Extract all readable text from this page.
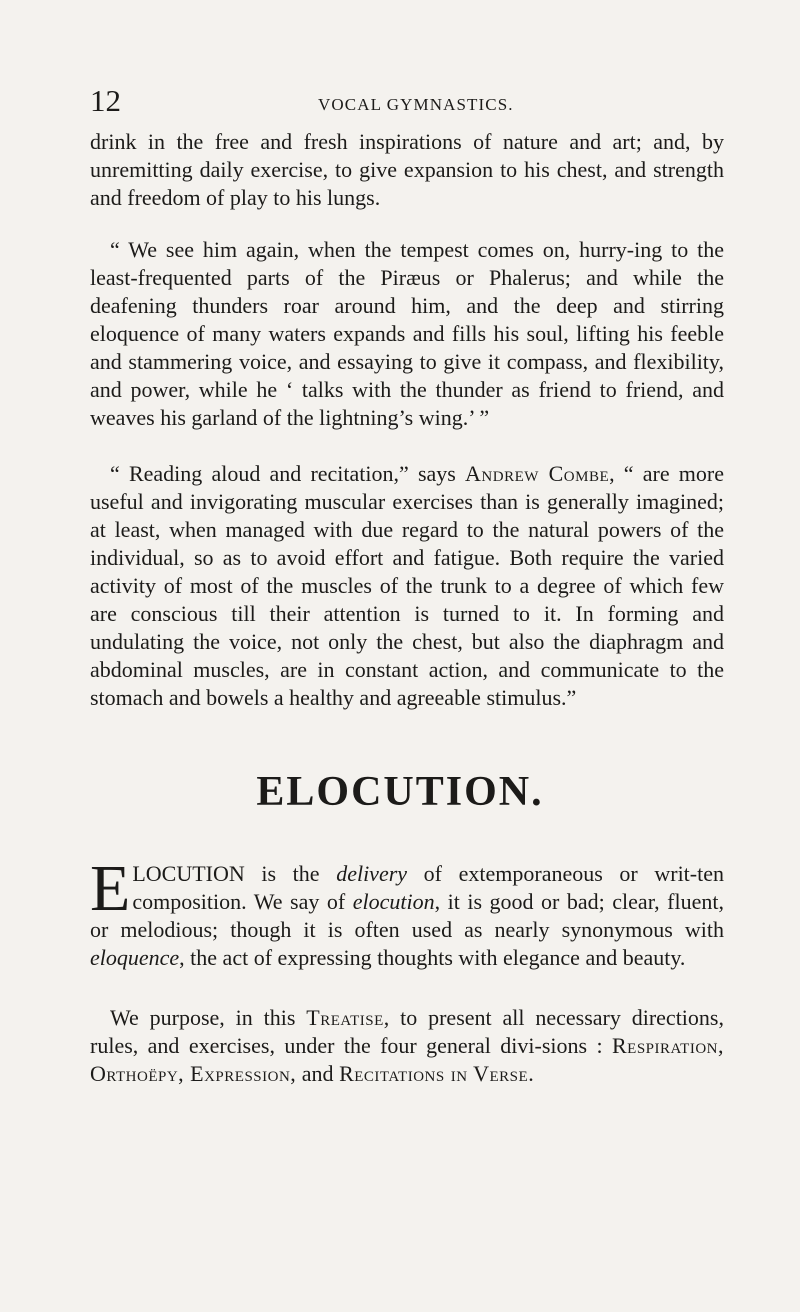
12	VOCAL GYMNASTICS.

drink in the free and fresh inspirations of nature and art; and, by unremitting daily exercise, to give expansion to his chest, and strength and freedom of play to his lungs.

“ We see him again, when the tempest comes on, hurry-ing to the least-frequented parts of the Piræus or Phalerus; and while the deafening thunders roar around him, and the deep and stirring eloquence of many waters expands and fills his soul, lifting his feeble and stammering voice, and essaying to give it compass, and flexibility, and power, while he ‘ talks with the thunder as friend to friend, and weaves his garland of the lightning’s wing.’ ”

“ Reading aloud and recitation,” says Andrew Combe, “ are more useful and invigorating muscular exercises than is generally imagined; at least, when managed with due regard to the natural powers of the individual, so as to avoid effort and fatigue. Both require the varied activity of most of the muscles of the trunk to a degree of which few are conscious till their attention is turned to it. In forming and undulating the voice, not only the chest, but also the diaphragm and abdominal muscles, are in constant action, and communicate to the stomach and bowels a healthy and agreeable stimulus.”

ELOCUTION.

ELOCUTION is the delivery of extemporaneous or writ-ten composition. We say of elocution, it is good or bad; clear, fluent, or melodious; though it is often used as nearly synonymous with eloquence, the act of expressing thoughts with elegance and beauty.

We purpose, in this Treatise, to present all necessary directions, rules, and exercises, under the four general divi-sions : Respiration, Orthoëpy, Expression, and Recitations in Verse.
